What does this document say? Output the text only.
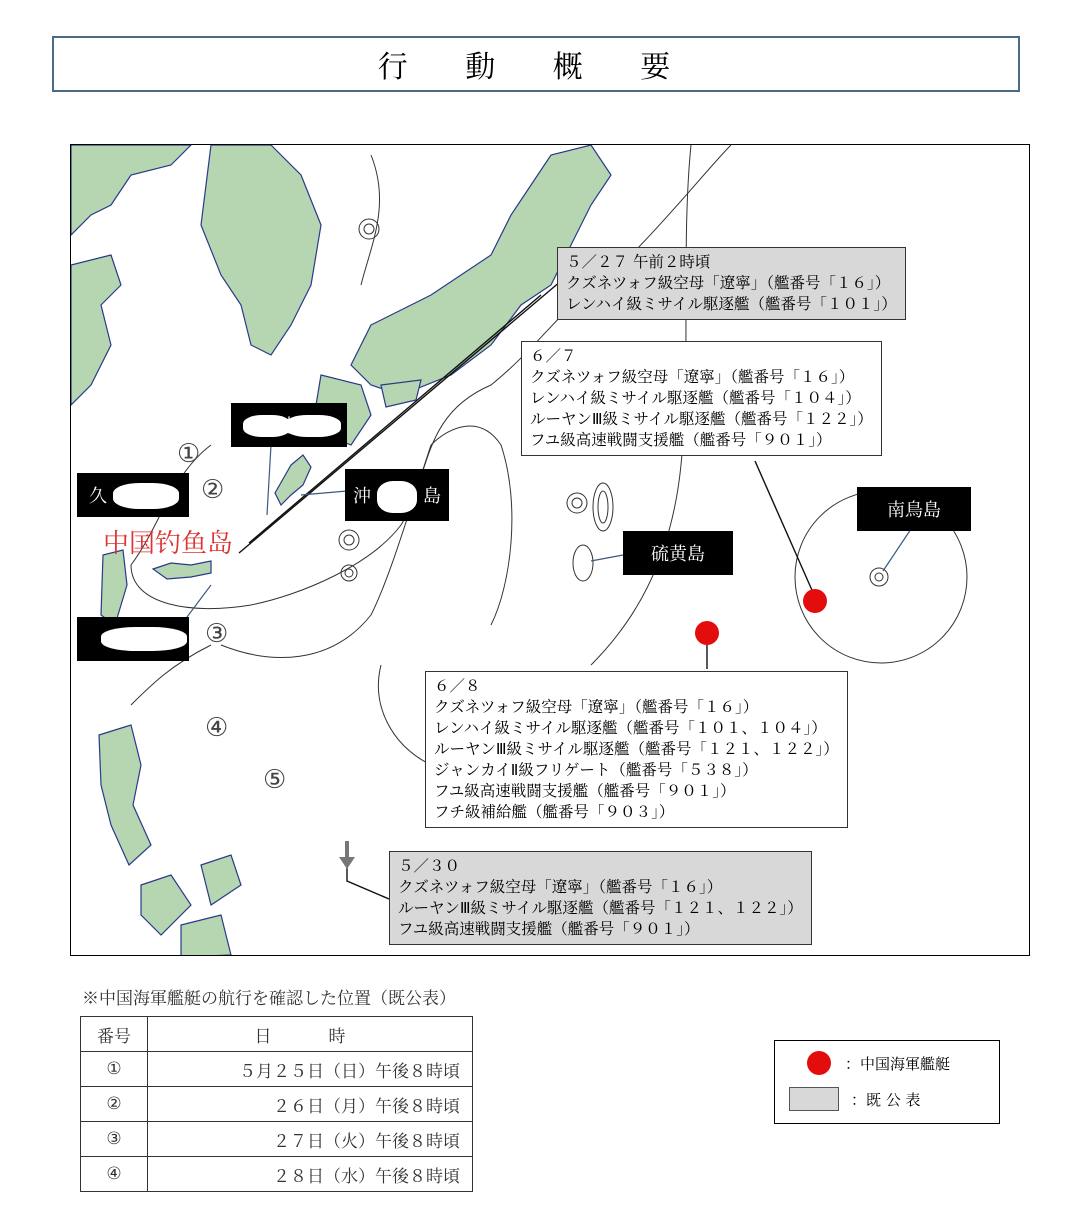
行 動 概 要
５／２７ 午前２時頃
クズネツォフ級空母「遼寧」（艦番号「１６」）
レンハイ級ミサイル駆逐艦（艦番号「１０１」）
６／７
クズネツォフ級空母「遼寧」（艦番号「１６」）
レンハイ級ミサイル駆逐艦（艦番号「１０４」）
ルーヤンⅢ級ミサイル駆逐艦（艦番号「１２２」）
フユ級高速戦闘支援艦（艦番号「９０１」）
６／８
クズネツォフ級空母「遼寧」（艦番号「１６」）
レンハイ級ミサイル駆逐艦（艦番号「１０１、１０４」）
ルーヤンⅢ級ミサイル駆逐艦（艦番号「１２１、１２２」）
ジャンカイⅡ級フリゲート（艦番号「５３８」）
フユ級高速戦闘支援艦（艦番号「９０１」）
フチ級補給艦（艦番号「９０３」）
５／３０
クズネツォフ級空母「遼寧」（艦番号「１６」）
ルーヤンⅢ級ミサイル駆逐艦（艦番号「１２１、１２２」）
フユ級高速戦闘支援艦（艦番号「９０１」）
南鳥島
硫黄島
沖	島
久
①
②
③
④
⑤
中国钓鱼岛
※中国海軍艦艇の航行を確認した位置（既公表）
番号	日　時
①	５月２５日（日）午後８時頃
②	２６日（月）午後８時頃
③	２７日（火）午後８時頃
④	２８日（水）午後８時頃
：中国海軍艦艇
：既 公 表
